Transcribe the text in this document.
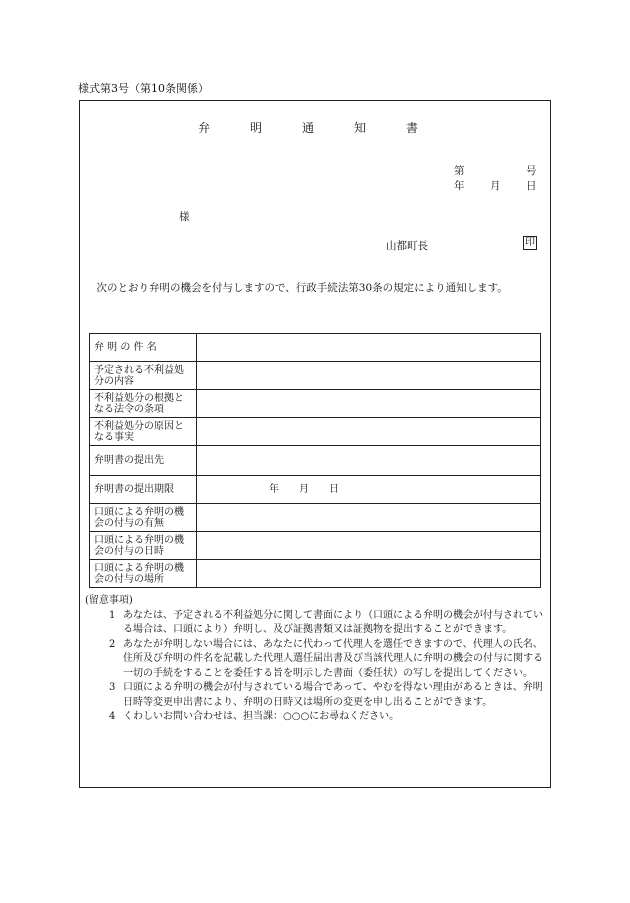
様式第3号（第10条関係）
弁　明　通　知　書
第	号
年 月 日
様
山都町長	印
　次のとおり弁明の機会を付与しますので、行政手続法第30条の規定により通知します。
弁 明 の 件 名	
予定される不利益処分の内容	
不利益処分の根拠となる法令の条項	
不利益処分の原因となる事実	
弁明書の提出先	
弁明書の提出期限	年　　月　　日
口頭による弁明の機会の付与の有無	
口頭による弁明の機会の付与の日時	
口頭による弁明の機会の付与の場所	
(留意事項)
1 あなたは、予定される不利益処分に関して書面により（口頭による弁明の機会が付与されている場合は、口頭により）弁明し、及び証拠書類又は証拠物を提出することができます。
2 あなたが弁明しない場合には、あなたに代わって代理人を選任できますので、代理人の氏名、住所及び弁明の件名を記載した代理人選任届出書及び当該代理人に弁明の機会の付与に関する一切の手続をすることを委任する旨を明示した書面（委任状）の写しを提出してください。
3 口頭による弁明の機会が付与されている場合であって、やむを得ない理由があるときは、弁明日時等変更申出書により、弁明の日時又は場所の変更を申し出ることができます。
4 くわしいお問い合わせは、担当課：○○○にお尋ねください。
